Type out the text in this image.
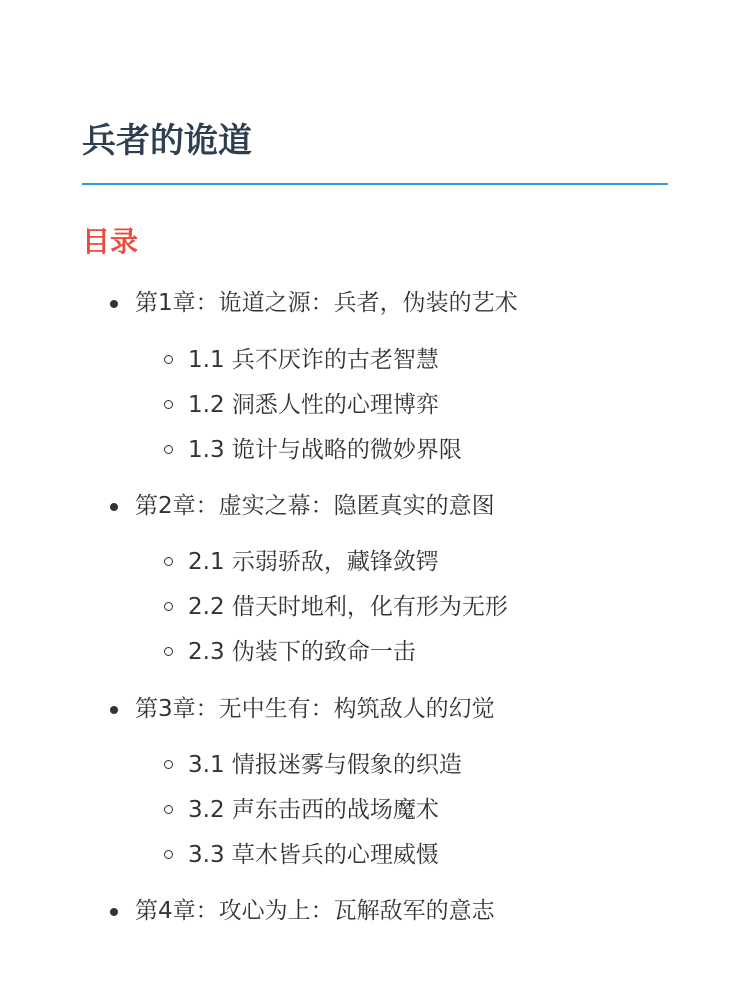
兵者的诡道
目录
第1章：诡道之源：兵者，伪装的艺术
1.1 兵不厌诈的古老智慧
1.2 洞悉人性的心理博弈
1.3 诡计与战略的微妙界限
第2章：虚实之幕：隐匿真实的意图
2.1 示弱骄敌，藏锋敛锷
2.2 借天时地利，化有形为无形
2.3 伪装下的致命一击
第3章：无中生有：构筑敌人的幻觉
3.1 情报迷雾与假象的织造
3.2 声东击西的战场魔术
3.3 草木皆兵的心理威慑
第4章：攻心为上：瓦解敌军的意志
